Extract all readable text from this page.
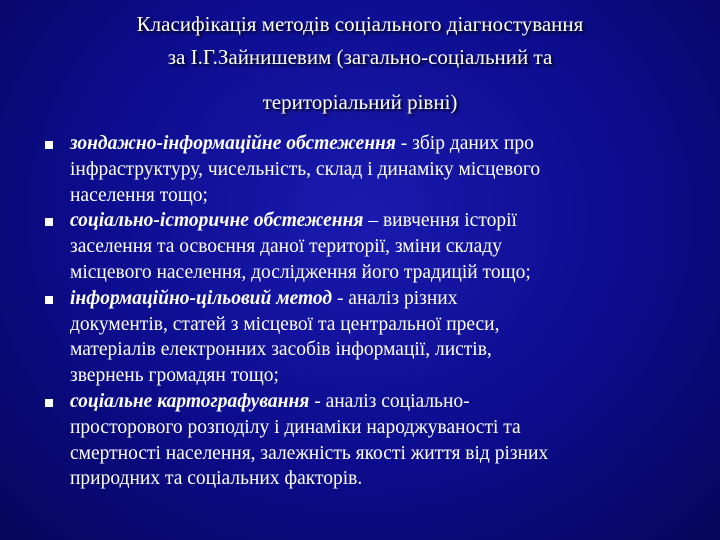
Класифікація методів соціального діагностування
за І.Г.Зайнишевим (загально-соціальний та
територіальний рівні)
зондажно-інформаційне обстеження - збір даних про
інфраструктуру, чисельність, склад і динаміку місцевого
населення тощо;
соціально-історичне обстеження – вивчення історії
заселення та освоєння даної території, зміни складу
місцевого населення, дослідження його традицій тощо;
інформаційно-цільовий метод - аналіз різних
документів, статей з місцевої та центральної преси,
матеріалів електронних засобів інформації, листів,
звернень громадян тощо;
соціальне картографування - аналіз соціально-
просторового розподілу і динаміки народжуваності та
смертності населення, залежність якості життя від різних
природних та соціальних факторів.
